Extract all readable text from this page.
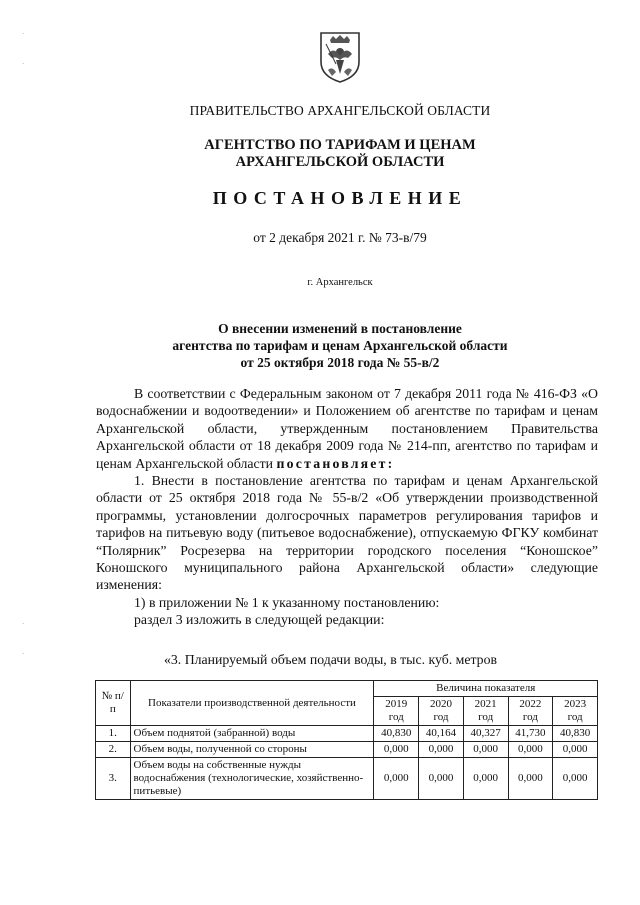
ПРАВИТЕЛЬСТВО АРХАНГЕЛЬСКОЙ ОБЛАСТИ
АГЕНТСТВО ПО ТАРИФАМ И ЦЕНАМ
АРХАНГЕЛЬСКОЙ ОБЛАСТИ
ПОСТАНОВЛЕНИЕ
от 2 декабря 2021 г. № 73-в/79
г. Архангельск
О внесении изменений в постановление
агентства по тарифам и ценам Архангельской области
от 25 октября 2018 года № 55-в/2

В соответствии с Федеральным законом от 7 декабря 2011 года № 416-ФЗ «О водоснабжении и водоотведении» и Положением об агентстве по тарифам и ценам Архангельской области, утвержденным постановлением Правительства Архангельской области от 18 декабря 2009 года № 214-пп, агентство по тарифам и ценам Архангельской области постановляет:

1. Внести в постановление агентства по тарифам и ценам Архангельской области от 25 октября 2018 года № 55-в/2 «Об утверждении производственной программы, установлении долгосрочных параметров регулирования тарифов и тарифов на питьевую воду (питьевое водоснабжение), отпускаемую ФГКУ комбинат “Полярник” Росрезерва на территории городского поселения “Коношское” Коношского муниципального района Архангельской области» следующие изменения:

1) в приложении № 1 к указанному постановлению:

раздел 3 изложить в следующей редакции:

«3. Планируемый объем подачи воды, в тыс. куб. метров
№ п/п	Показатели производственной деятельности	Величина показателя				
		2019 год	2020 год	2021 год	2022 год	2023 год
1.	Объем поднятой (забранной) воды	40,830	40,164	40,327	41,730	40,830
2.	Объем воды, полученной со стороны	0,000	0,000	0,000	0,000	0,000
3.	Объем воды на собственные нужды водоснабжения (технологические, хозяйственно-питьевые)	0,000	0,000	0,000	0,000	0,000
·
·
·
·
